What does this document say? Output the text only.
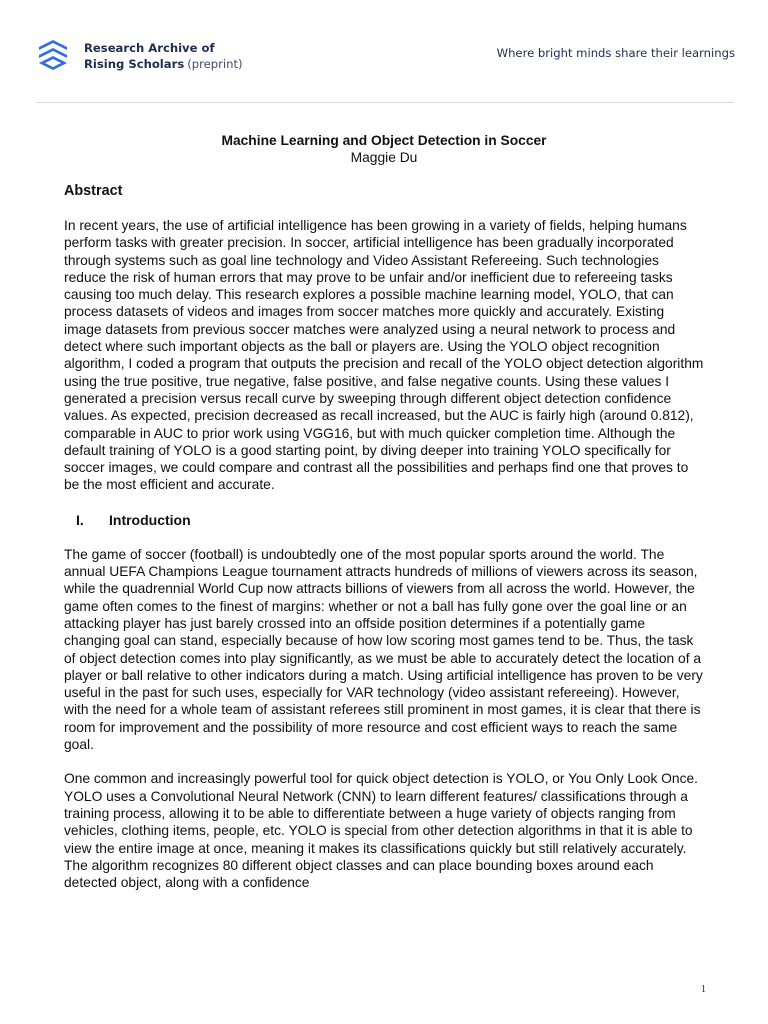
Research Archive of
Rising Scholars (preprint)
Where bright minds share their learnings
Machine Learning and Object Detection in Soccer
Maggie Du
Abstract

In recent years, the use of artificial intelligence has been growing in a variety of fields, helping humans perform tasks with greater precision. In soccer, artificial intelligence has been gradually incorporated through systems such as goal line technology and Video Assistant Refereeing. Such technologies reduce the risk of human errors that may prove to be unfair and/or inefficient due to refereeing tasks causing too much delay. This research explores a possible machine learning model, YOLO, that can process datasets of videos and images from soccer matches more quickly and accurately. Existing image datasets from previous soccer matches were analyzed using a neural network to process and detect where such important objects as the ball or players are. Using the YOLO object recognition algorithm, I coded a program that outputs the precision and recall of the YOLO object detection algorithm using the true positive, true negative, false positive, and false negative counts. Using these values I generated a precision versus recall curve by sweeping through different object detection confidence values. As expected, precision decreased as recall increased, but the AUC is fairly high (around 0.812), comparable in AUC to prior work using VGG16, but with much quicker completion time. Although the default training of YOLO is a good starting point, by diving deeper into training YOLO specifically for soccer images, we could compare and contrast all the possibilities and perhaps find one that proves to be the most efficient and accurate.

I.	Introduction

The game of soccer (football) is undoubtedly one of the most popular sports around the world. The annual UEFA Champions League tournament attracts hundreds of millions of viewers across its season, while the quadrennial World Cup now attracts billions of viewers from all across the world. However, the game often comes to the finest of margins: whether or not a ball has fully gone over the goal line or an attacking player has just barely crossed into an offside position determines if a potentially game changing goal can stand, especially because of how low scoring most games tend to be. Thus, the task of object detection comes into play significantly, as we must be able to accurately detect the location of a player or ball relative to other indicators during a match. Using artificial intelligence has proven to be very useful in the past for such uses, especially for VAR technology (video assistant refereeing). However, with the need for a whole team of assistant referees still prominent in most games, it is clear that there is room for improvement and the possibility of more resource and cost efficient ways to reach the same goal.

One common and increasingly powerful tool for quick object detection is YOLO, or You Only Look Once. YOLO uses a Convolutional Neural Network (CNN) to learn different features/ classifications through a training process, allowing it to be able to differentiate between a huge variety of objects ranging from vehicles, clothing items, people, etc. YOLO is special from other detection algorithms in that it is able to view the entire image at once, meaning it makes its classifications quickly but still relatively accurately. The algorithm recognizes 80 different object classes and can place bounding boxes around each detected object, along with a confidence

1
